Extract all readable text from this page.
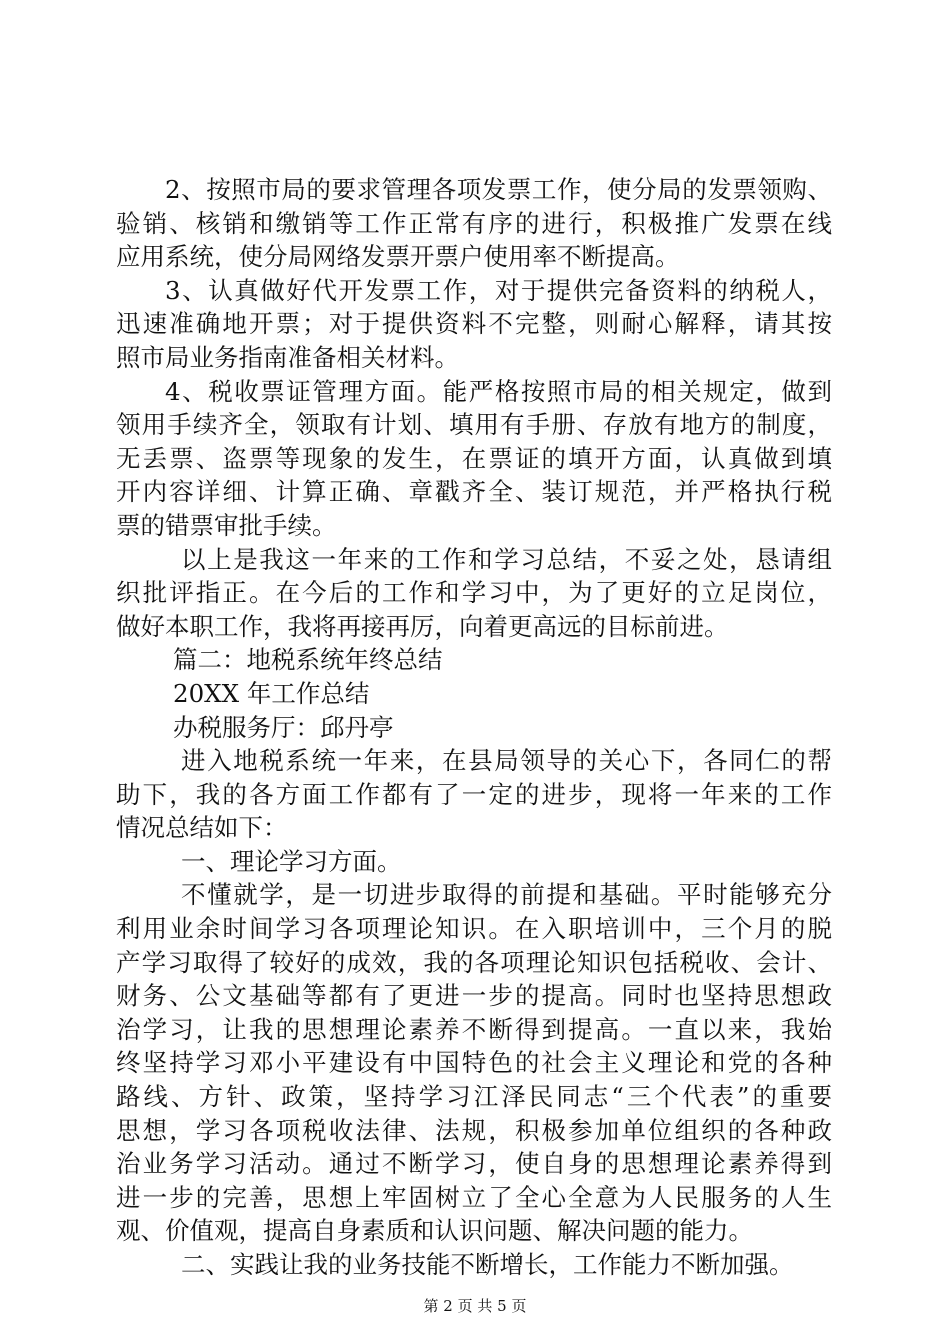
2、按照市局的要求管理各项发票工作，使分局的发票领购、
验销、核销和缴销等工作正常有序的进行，积极推广发票在线
应用系统，使分局网络发票开票户使用率不断提高。
3、认真做好代开发票工作，对于提供完备资料的纳税人，
迅速准确地开票；对于提供资料不完整，则耐心解释，请其按
照市局业务指南准备相关材料。
4、税收票证管理方面。能严格按照市局的相关规定，做到
领用手续齐全，领取有计划、填用有手册、存放有地方的制度，
无丢票、盗票等现象的发生，在票证的填开方面，认真做到填
开内容详细、计算正确、章戳齐全、装订规范，并严格执行税
票的错票审批手续。
以上是我这一年来的工作和学习总结，不妥之处，恳请组
织批评指正。在今后的工作和学习中，为了更好的立足岗位，
做好本职工作，我将再接再厉，向着更高远的目标前进。
篇二：地税系统年终总结
20XX 年工作总结
办税服务厅：邱丹亭
进入地税系统一年来，在县局领导的关心下，各同仁的帮
助下，我的各方面工作都有了一定的进步，现将一年来的工作
情况总结如下：
一、理论学习方面。
不懂就学，是一切进步取得的前提和基础。平时能够充分
利用业余时间学习各项理论知识。在入职培训中，三个月的脱
产学习取得了较好的成效，我的各项理论知识包括税收、会计、
财务、公文基础等都有了更进一步的提高。同时也坚持思想政
治学习，让我的思想理论素养不断得到提高。一直以来，我始
终坚持学习邓小平建设有中国特色的社会主义理论和党的各种
路线、方针、政策，坚持学习江泽民同志“三个代表”的重要
思想，学习各项税收法律、法规，积极参加单位组织的各种政
治业务学习活动。通过不断学习，使自身的思想理论素养得到
进一步的完善，思想上牢固树立了全心全意为人民服务的人生
观、价值观，提高自身素质和认识问题、解决问题的能力。
二、实践让我的业务技能不断增长，工作能力不断加强。
第 2 页 共 5 页
